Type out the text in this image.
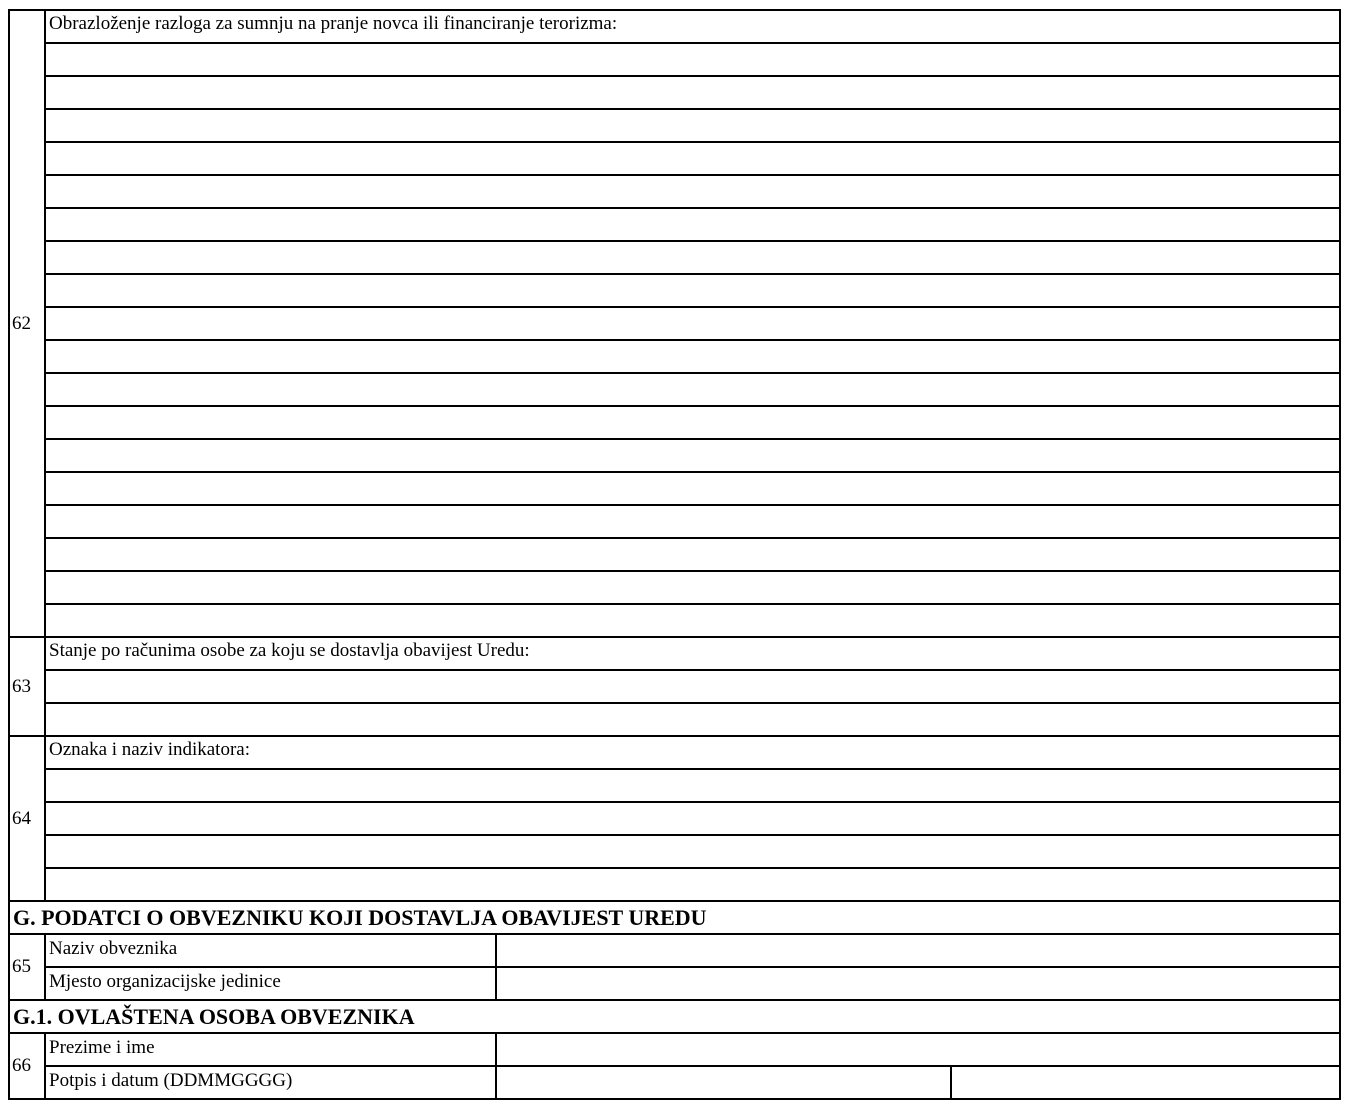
62	Obrazloženje razloga za sumnju na pranje novca ili financiranje terorizma:		

63	Stanje po računima osobe za koju se dostavlja obavijest Uredu:		

64	Oznaka i naziv indikatora:		

G. PODATCI O OBVEZNIKU KOJI DOSTAVLJA OBAVIJEST UREDU			
65	Naziv obveznika		
	Mjesto organizacijske jedinice		
G.1. OVLAŠTENA OSOBA OBVEZNIKA			
66	Prezime i ime		
	Potpis i datum (DDMMGGGG)		
